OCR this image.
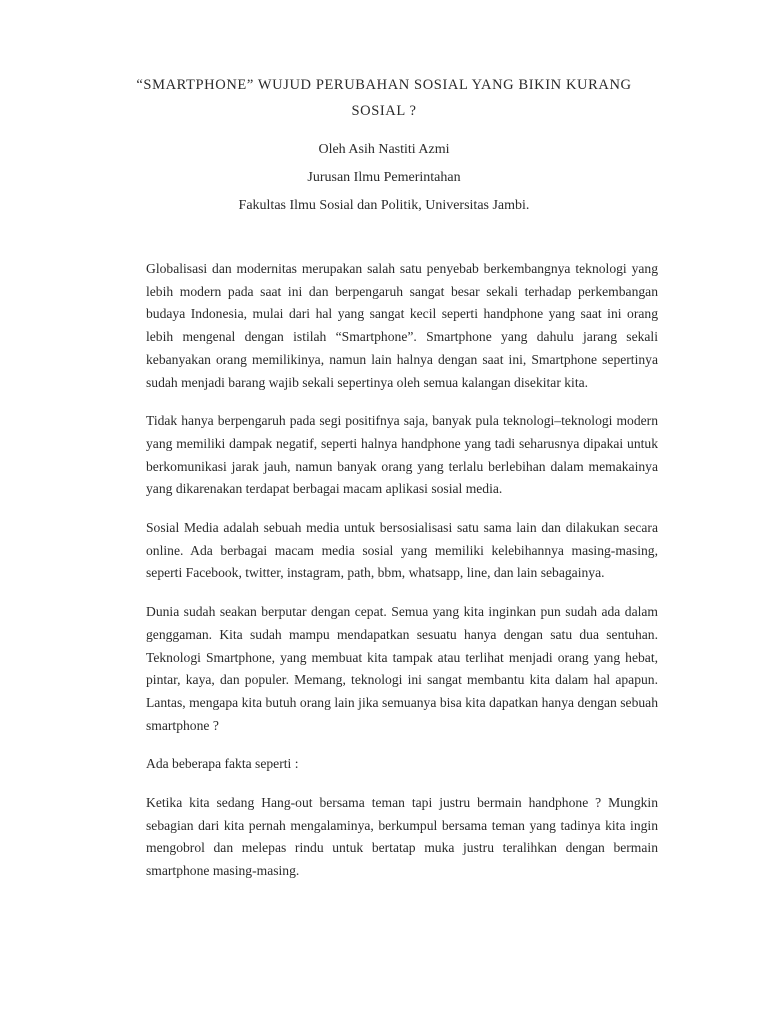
“SMARTPHONE” WUJUD PERUBAHAN SOSIAL YANG BIKIN KURANG SOSIAL ?

Oleh Asih Nastiti Azmi

Jurusan Ilmu Pemerintahan

Fakultas Ilmu Sosial dan Politik, Universitas Jambi.

Globalisasi dan modernitas merupakan salah satu penyebab berkembangnya teknologi yang lebih modern pada saat ini dan berpengaruh sangat besar sekali terhadap perkembangan budaya Indonesia, mulai dari hal yang sangat kecil seperti handphone yang saat ini orang lebih mengenal dengan istilah “Smartphone”. Smartphone yang dahulu jarang sekali kebanyakan orang memilikinya, namun lain halnya dengan saat ini, Smartphone sepertinya sudah menjadi barang wajib sekali sepertinya oleh semua kalangan disekitar kita.

Tidak hanya berpengaruh pada segi positifnya saja, banyak pula teknologi–teknologi modern yang memiliki dampak negatif, seperti halnya handphone yang tadi seharusnya dipakai untuk berkomunikasi jarak jauh, namun banyak orang yang terlalu berlebihan dalam memakainya yang dikarenakan terdapat berbagai macam aplikasi sosial media.

Sosial Media adalah sebuah media untuk bersosialisasi satu sama lain dan dilakukan secara online. Ada berbagai macam media sosial yang memiliki kelebihannya masing-masing, seperti Facebook, twitter, instagram, path, bbm, whatsapp, line, dan lain sebagainya.

Dunia sudah seakan berputar dengan cepat. Semua yang kita inginkan pun sudah ada dalam genggaman. Kita sudah mampu mendapatkan sesuatu hanya dengan satu dua sentuhan. Teknologi Smartphone, yang membuat kita tampak atau terlihat menjadi orang yang hebat, pintar, kaya, dan populer. Memang, teknologi ini sangat membantu kita dalam hal apapun. Lantas, mengapa kita butuh orang lain jika semuanya bisa kita dapatkan hanya dengan sebuah smartphone ?

Ada beberapa fakta seperti :

Ketika kita sedang Hang-out bersama teman tapi justru bermain handphone ? Mungkin sebagian dari kita pernah mengalaminya, berkumpul bersama teman yang tadinya kita ingin mengobrol dan melepas rindu untuk bertatap muka justru teralihkan dengan bermain smartphone masing-masing.
